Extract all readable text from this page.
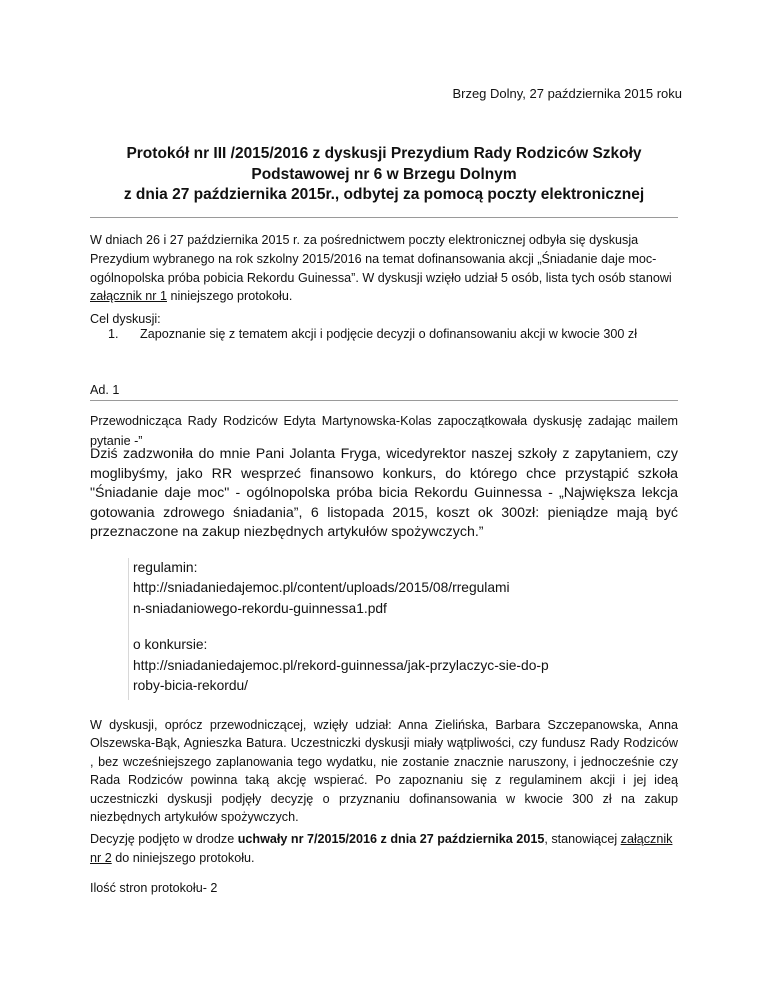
Brzeg Dolny, 27 października 2015 roku
Protokół nr III /2015/2016 z dyskusji Prezydium Rady Rodziców Szkoły
Podstawowej nr 6 w Brzegu Dolnym
z dnia 27 października 2015r., odbytej za pomocą poczty elektronicznej
W dniach 26 i 27 października 2015 r. za pośrednictwem poczty elektronicznej odbyła się dyskusja Prezydium wybranego na rok szkolny 2015/2016 na temat dofinansowania akcji „Śniadanie daje moc-ogólnopolska próba pobicia Rekordu Guinessa”. W dyskusji wzięło udział 5 osób, lista tych osób stanowi załącznik nr 1 niniejszego protokołu.
Cel dyskusji:
1. Zapoznanie się z tematem akcji i podjęcie decyzji o dofinansowaniu akcji w kwocie 300 zł
Ad. 1
Przewodnicząca Rady Rodziców Edyta Martynowska-Kolas zapoczątkowała dyskusję zadając mailem pytanie -”
Dziś zadzwoniła do mnie Pani Jolanta Fryga, wicedyrektor naszej szkoły z zapytaniem, czy moglibyśmy, jako RR wesprzeć finansowo konkurs, do którego chce przystąpić szkoła "Śniadanie daje moc" - ogólnopolska próba bicia Rekordu Guinnessa - „Największa lekcja gotowania zdrowego śniadania”, 6 listopada 2015, koszt ok 300zł: pieniądze mają być przeznaczone na zakup niezbędnych artykułów spożywczych.”
regulamin:
http://sniadaniedajemoc.pl/content/uploads/2015/08/rregulamin-sniadaniowego-rekordu-guinnessa1.pdf
o konkursie:
http://sniadaniedajemoc.pl/rekord-guinnessa/jak-przylaczyc-sie-do-proby-bicia-rekordu/
W dyskusji, oprócz przewodniczącej, wzięły udział: Anna Zielińska, Barbara Szczepanowska, Anna Olszewska-Bąk, Agnieszka Batura. Uczestniczki dyskusji miały wątpliwości, czy fundusz Rady Rodziców , bez wcześniejszego zaplanowania tego wydatku, nie zostanie znacznie naruszony, i jednocześnie czy Rada Rodziców powinna taką akcję wspierać. Po zapoznaniu się z regulaminem akcji i jej ideą uczestniczki dyskusji podjęły decyzję o przyznaniu dofinansowania w kwocie 300 zł na zakup niezbędnych artykułów spożywczych.
Decyzję podjęto w drodze uchwały nr 7/2015/2016 z dnia 27 października 2015, stanowiącej załącznik nr 2 do niniejszego protokołu.
Ilość stron protokołu- 2
